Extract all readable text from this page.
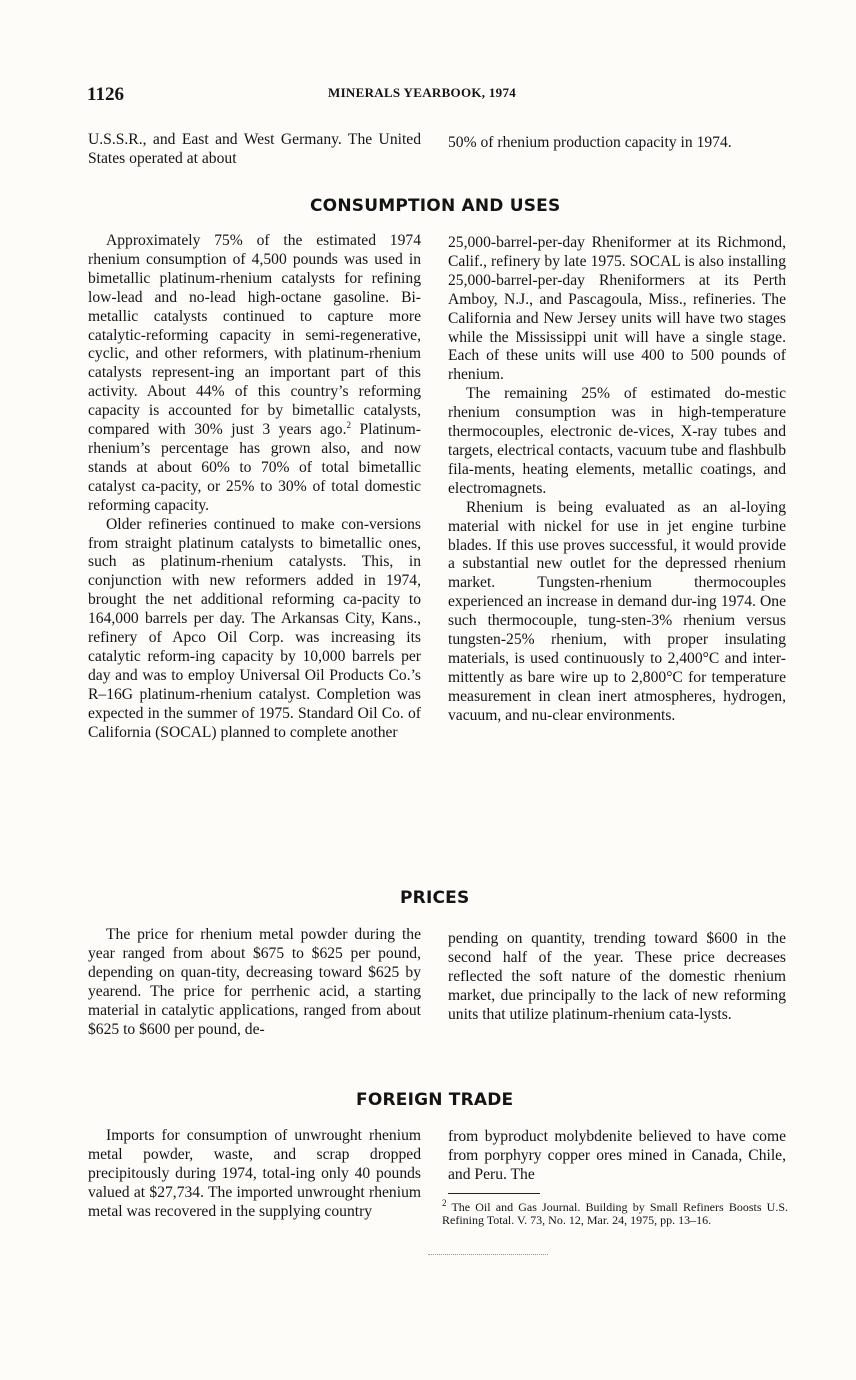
1126	MINERALS YEARBOOK, 1974

U.S.S.R., and East and West Germany. The United States operated at about

50% of rhenium production capacity in 1974.

CONSUMPTION AND USES

Approximately 75% of the estimated 1974 rhenium consumption of 4,500 pounds was used in bimetallic platinum-rhenium catalysts for refining low-lead and no-lead high-octane gasoline. Bi-metallic catalysts continued to capture more catalytic-reforming capacity in semi-regenerative, cyclic, and other reformers, with platinum-rhenium catalysts represent-ing an important part of this activity. About 44% of this country’s reforming capacity is accounted for by bimetallic catalysts, compared with 30% just 3 years ago.$^2$ Platinum-rhenium’s percentage has grown also, and now stands at about 60% to 70% of total bimetallic catalyst ca-pacity, or 25% to 30% of total domestic reforming capacity.

Older refineries continued to make con-versions from straight platinum catalysts to bimetallic ones, such as platinum-rhenium catalysts. This, in conjunction with new reformers added in 1974, brought the net additional reforming ca-pacity to 164,000 barrels per day. The Arkansas City, Kans., refinery of Apco Oil Corp. was increasing its catalytic reform-ing capacity by 10,000 barrels per day and was to employ Universal Oil Products Co.’s R–16G platinum-rhenium catalyst. Completion was expected in the summer of 1975. Standard Oil Co. of California (SOCAL) planned to complete another

25,000-barrel-per-day Rheniformer at its Richmond, Calif., refinery by late 1975. SOCAL is also installing 25,000-barrel-per-day Rheniformers at its Perth Amboy, N.J., and Pascagoula, Miss., refineries. The California and New Jersey units will have two stages while the Mississippi unit will have a single stage. Each of these units will use 400 to 500 pounds of rhenium.

The remaining 25% of estimated do-mestic rhenium consumption was in high-temperature thermocouples, electronic de-vices, X-ray tubes and targets, electrical contacts, vacuum tube and flashbulb fila-ments, heating elements, metallic coatings, and electromagnets.

Rhenium is being evaluated as an al-loying material with nickel for use in jet engine turbine blades. If this use proves successful, it would provide a substantial new outlet for the depressed rhenium market. Tungsten-rhenium thermocouples experienced an increase in demand dur-ing 1974. One such thermocouple, tung-sten-3% rhenium versus tungsten-25% rhenium, with proper insulating materials, is used continuously to 2,400°C and inter-mittently as bare wire up to 2,800°C for temperature measurement in clean inert atmospheres, hydrogen, vacuum, and nu-clear environments.

PRICES

The price for rhenium metal powder during the year ranged from about $675 to $625 per pound, depending on quan-tity, decreasing toward $625 by yearend. The price for perrhenic acid, a starting material in catalytic applications, ranged from about $625 to $600 per pound, de-

pending on quantity, trending toward $600 in the second half of the year. These price decreases reflected the soft nature of the domestic rhenium market, due principally to the lack of new reforming units that utilize platinum-rhenium cata-lysts.

FOREIGN TRADE

Imports for consumption of unwrought rhenium metal powder, waste, and scrap dropped precipitously during 1974, total-ing only 40 pounds valued at $27,734. The imported unwrought rhenium metal was recovered in the supplying country

from byproduct molybdenite believed to have come from porphyry copper ores mined in Canada, Chile, and Peru. The

$^2$ The Oil and Gas Journal. Building by Small Refiners Boosts U.S. Refining Total. V. 73, No. 12, Mar. 24, 1975, pp. 13–16.
